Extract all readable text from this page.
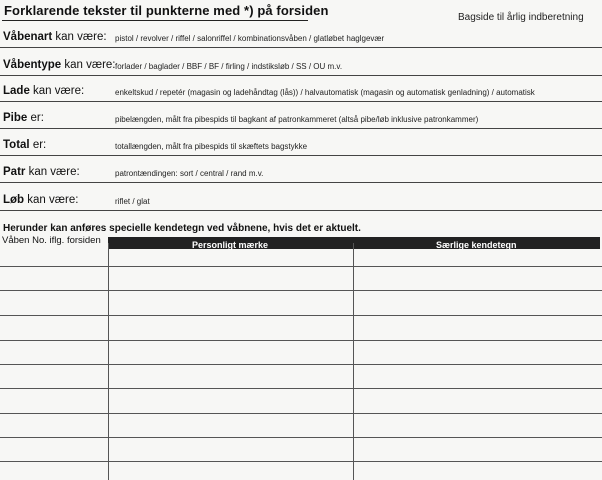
Forklarende tekster til punkterne med *) på forsiden	Bagside til årlig indberetning
Våbenart kan være: pistol / revolver / riffel / salonriffel / kombinationsvåben / glatløbet haglgevær
Våbentype kan være: forlader / baglader / BBF / BF / firling / indstiksløb / SS / OU m.v.
Lade kan være:	enkeltskud / repetér (magasin og ladehåndtag (lås)) / halvautomatisk (magasin og automatisk genladning) / automatisk
Pibe er:	pibelængden, målt fra pibespids til bagkant af patronkammeret (altså pibe/løb inklusive patronkammer)
Total er:	totallængden, målt fra pibespids til skæftets bagstykke
Patr kan være:	patrontændingen: sort / central / rand m.v.
Løb kan være:	riflet / glat
Herunder kan anføres specielle kendetegn ved våbnene, hvis det er aktuelt.
Våben No. iflg. forsiden	Personligt mærke	Særlige kendetegn
